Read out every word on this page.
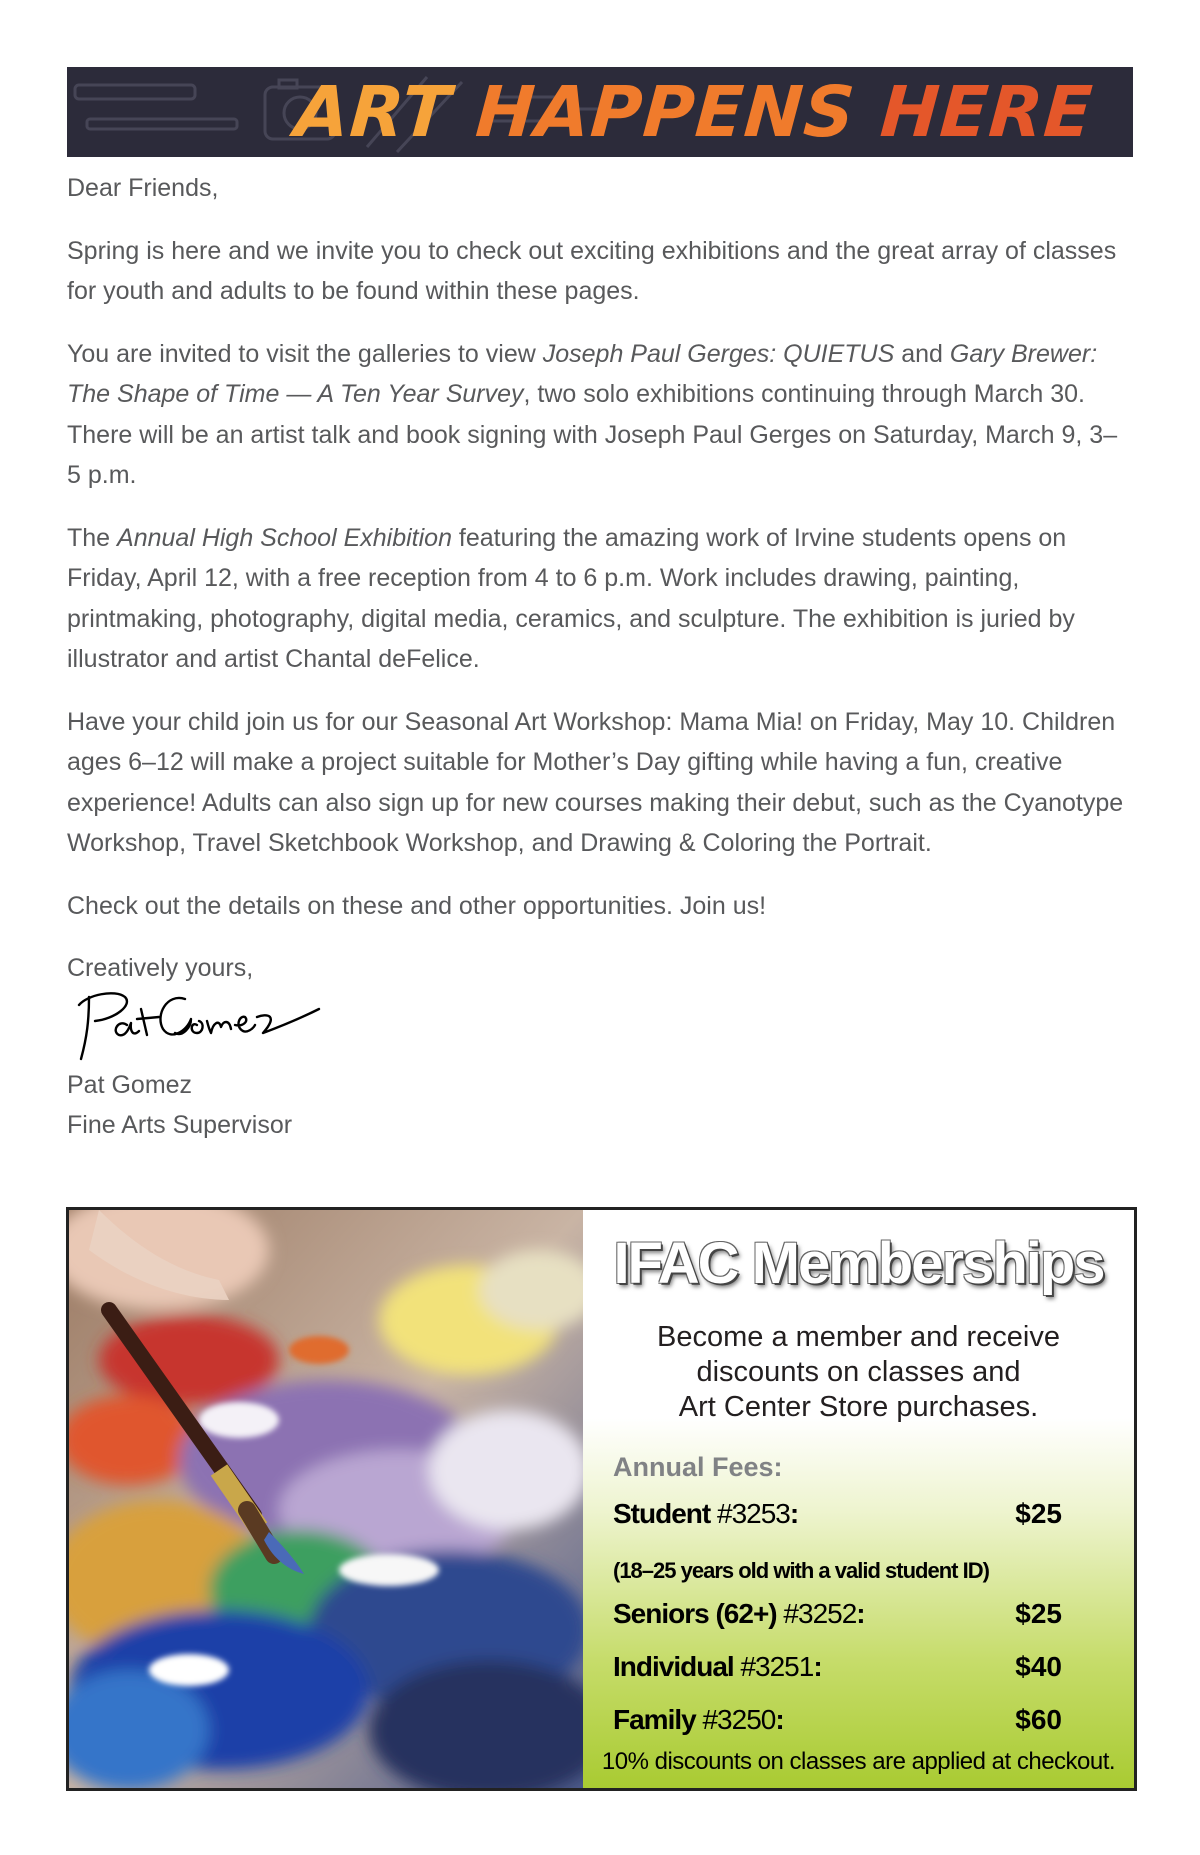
ART HAPPENS HERE

Dear Friends,

Spring is here and we invite you to check out exciting exhibitions and the great array of classes for youth and adults to be found within these pages.

You are invited to visit the galleries to view Joseph Paul Gerges: QUIETUS and Gary Brewer: The Shape of Time — A Ten Year Survey, two solo exhibitions continuing through March 30. There will be an artist talk and book signing with Joseph Paul Gerges on Saturday, March 9, 3–5 p.m.

The Annual High School Exhibition featuring the amazing work of Irvine students opens on Friday, April 12, with a free reception from 4 to 6 p.m. Work includes drawing, painting, printmaking, photography, digital media, ceramics, and sculpture. The exhibition is juried by illustrator and artist Chantal deFelice.

Have your child join us for our Seasonal Art Workshop: Mama Mia! on Friday, May 10. Children ages 6–12 will make a project suitable for Mother’s Day gifting while having a fun, creative experience! Adults can also sign up for new courses making their debut, such as the Cyanotype Workshop, Travel Sketchbook Workshop, and Drawing & Coloring the Portrait.

Check out the details on these and other opportunities. Join us!

Creatively yours,

Pat Gomez

Fine Arts Supervisor

IFAC Memberships
Become a member and receive
discounts on classes and
Art Center Store purchases.
Annual Fees:
Student #3253:	$25
(18–25 years old with a valid student ID)
Seniors (62+) #3252:	$25
Individual #3251:	$40
Family #3250:	$60
10% discounts on classes are applied at checkout.
